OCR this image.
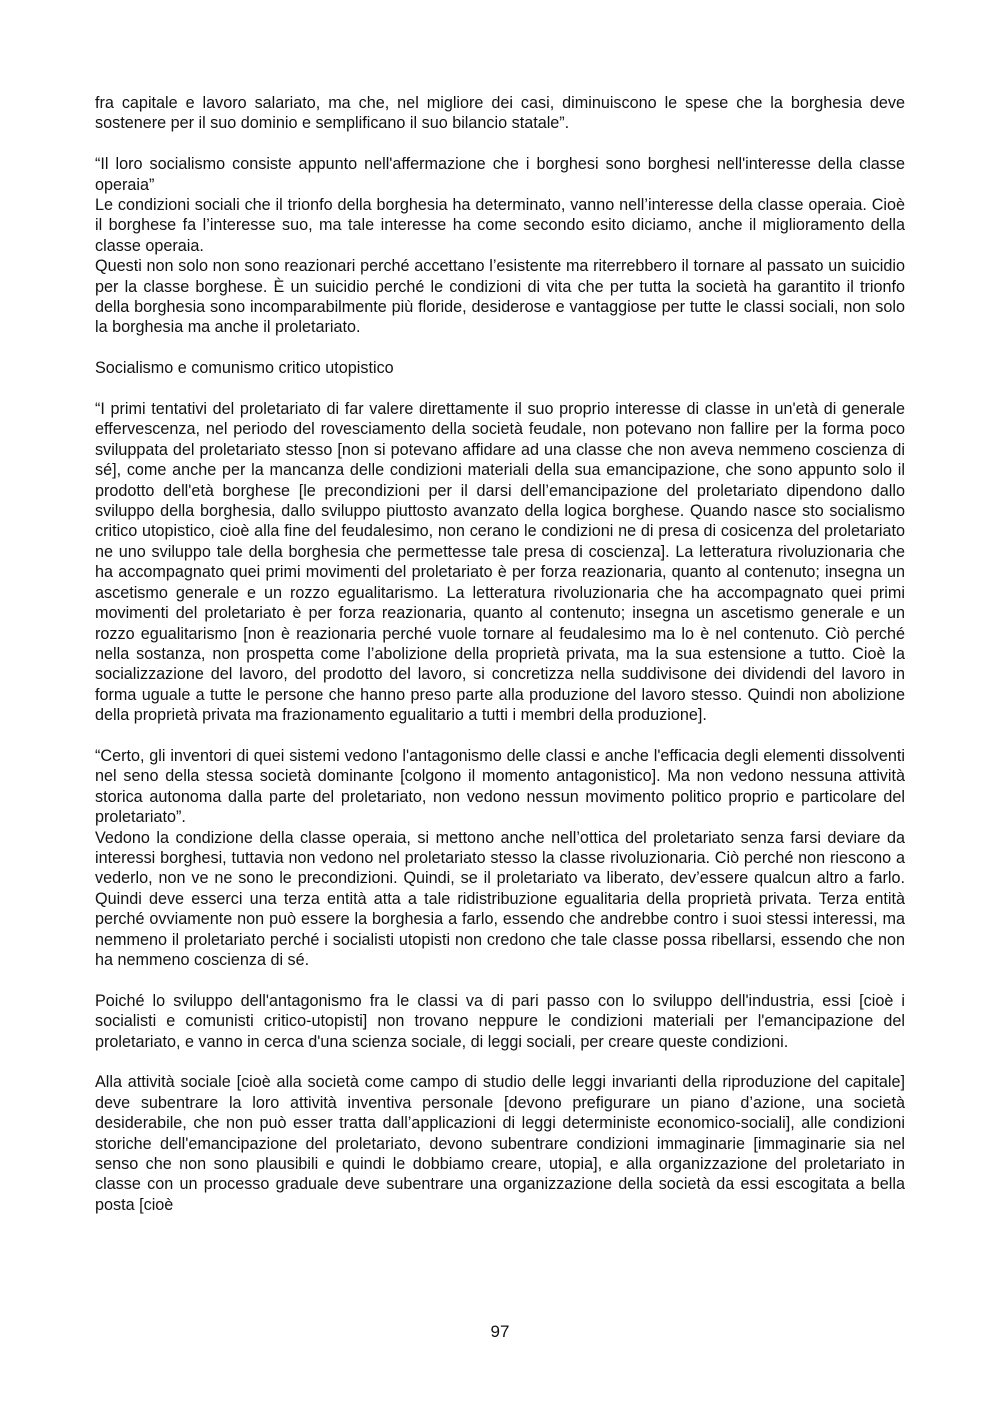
fra capitale e lavoro salariato, ma che, nel migliore dei casi, diminuiscono le spese che la borghesia deve sostenere per il suo dominio e semplificano il suo bilancio statale”.

“Il loro socialismo consiste appunto nell'affermazione che i borghesi sono borghesi nell'interesse della classe operaia”

Le condizioni sociali che il trionfo della borghesia ha determinato, vanno nell’interesse della classe operaia. Cioè il borghese fa l’interesse suo, ma tale interesse ha come secondo esito diciamo, anche il miglioramento della classe operaia.

Questi non solo non sono reazionari perché accettano l’esistente ma riterrebbero il tornare al passato un suicidio per la classe borghese. È un suicidio perché le condizioni di vita che per tutta la società ha garantito il trionfo della borghesia sono incomparabilmente più floride, desiderose e vantaggiose per tutte le classi sociali, non solo la borghesia ma anche il proletariato.

Socialismo e comunismo critico utopistico

“I primi tentativi del proletariato di far valere direttamente il suo proprio interesse di classe in un'età di generale effervescenza, nel periodo del rovesciamento della società feudale, non potevano non fallire per la forma poco sviluppata del proletariato stesso [non si potevano affidare ad una classe che non aveva nemmeno coscienza di sé], come anche per la mancanza delle condizioni materiali della sua emancipazione, che sono appunto solo il prodotto dell'età borghese [le precondizioni per il darsi dell’emancipazione del proletariato dipendono dallo sviluppo della borghesia, dallo sviluppo piuttosto avanzato della logica borghese. Quando nasce sto socialismo critico utopistico, cioè alla fine del feudalesimo, non cerano le condizioni ne di presa di cosicenza del proletariato ne uno sviluppo tale della borghesia che permettesse tale presa di coscienza]. La letteratura rivoluzionaria che ha accompagnato quei primi movimenti del proletariato è per forza reazionaria, quanto al contenuto; insegna un ascetismo generale e un rozzo egualitarismo. La letteratura rivoluzionaria che ha accompagnato quei primi movimenti del proletariato è per forza reazionaria, quanto al contenuto; insegna un ascetismo generale e un rozzo egualitarismo [non è reazionaria perché vuole tornare al feudalesimo ma lo è nel contenuto. Ciò perché nella sostanza, non prospetta come l’abolizione della proprietà privata, ma la sua estensione a tutto. Cioè la socializzazione del lavoro, del prodotto del lavoro, si concretizza nella suddivisone dei dividendi del lavoro in forma uguale a tutte le persone che hanno preso parte alla produzione del lavoro stesso. Quindi non abolizione della proprietà privata ma frazionamento egualitario a tutti i membri della produzione].

“Certo, gli inventori di quei sistemi vedono l'antagonismo delle classi e anche l'efficacia degli elementi dissolventi nel seno della stessa società dominante [colgono il momento antagonistico]. Ma non vedono nessuna attività storica autonoma dalla parte del proletariato, non vedono nessun movimento politico proprio e particolare del proletariato”.

Vedono la condizione della classe operaia, si mettono anche nell’ottica del proletariato senza farsi deviare da interessi borghesi, tuttavia non vedono nel proletariato stesso la classe rivoluzionaria. Ciò perché non riescono a vederlo, non ve ne sono le precondizioni. Quindi, se il proletariato va liberato, dev’essere qualcun altro a farlo. Quindi deve esserci una terza entità atta a tale ridistribuzione egualitaria della proprietà privata. Terza entità perché ovviamente non può essere la borghesia a farlo, essendo che andrebbe contro i suoi stessi interessi, ma nemmeno il proletariato perché i socialisti utopisti non credono che tale classe possa ribellarsi, essendo che non ha nemmeno coscienza di sé.

Poiché lo sviluppo dell'antagonismo fra le classi va di pari passo con lo sviluppo dell'industria, essi [cioè i socialisti e comunisti critico-utopisti] non trovano neppure le condizioni materiali per l'emancipazione del proletariato, e vanno in cerca d'una scienza sociale, di leggi sociali, per creare queste condizioni.

Alla attività sociale [cioè alla società come campo di studio delle leggi invarianti della riproduzione del capitale] deve subentrare la loro attività inventiva personale [devono prefigurare un piano d’azione, una società desiderabile, che non può esser tratta dall’applicazioni di leggi deterministe economico-sociali], alle condizioni storiche dell'emancipazione del proletariato, devono subentrare condizioni immaginarie [immaginarie sia nel senso che non sono plausibili e quindi le dobbiamo creare, utopia], e alla organizzazione del proletariato in classe con un processo graduale deve subentrare una organizzazione della società da essi escogitata a bella posta [cioè

97
